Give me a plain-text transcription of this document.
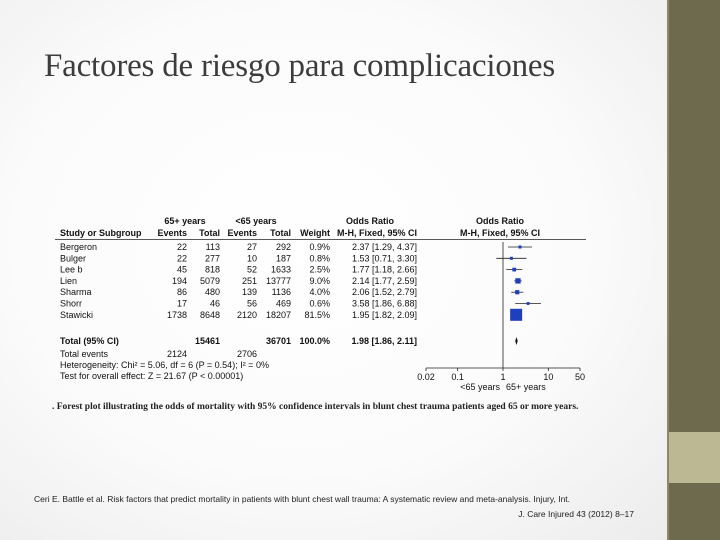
Factores de riesgo para complicaciones
65+ years	<65 years	Odds Ratio	Odds Ratio
Study or Subgroup Events Total Events Total Weight M-H, Fixed, 95% CI	M-H, Fixed, 95% CI
Bergeron	22 113	27 292 0.9% 2.37 [1.29, 4.37]
Bulger	22 277	10 187 0.8% 1.53 [0.71, 3.30]
Lee b	45 818	52 1633 2.5% 1.77 [1.18, 2.66]
Lien	194 5079 251 13777 9.0% 2.14 [1.77, 2.59]
Sharma	86 480 139 1136 4.0% 2.06 [1.52, 2.79]
Shorr	17	46	56 469 0.6% 3.58 [1.86, 6.88]
Stawicki	1738 8648 2120 18207 81.5% 1.95 [1.82, 2.09]
Total (95% CI)	15461	36701 100.0% 1.98 [1.86, 2.11]
Total events	2124	2706
Heterogeneity: Chi² = 5.06, df = 6 (P = 0.54); I² = 0%
Test for overall effect: Z = 21.67 (P < 0.00001)	0.02 0.1	1	10 50
<65 years 65+ years
. Forest plot illustrating the odds of mortality with 95% confidence intervals in blunt chest trauma patients aged 65 or more years.
Ceri E. Battle et al. Risk factors that predict mortality in patients with blunt chest wall trauma: A systematic review and meta-analysis. Injury, Int.
J. Care Injured 43 (2012) 8–17
